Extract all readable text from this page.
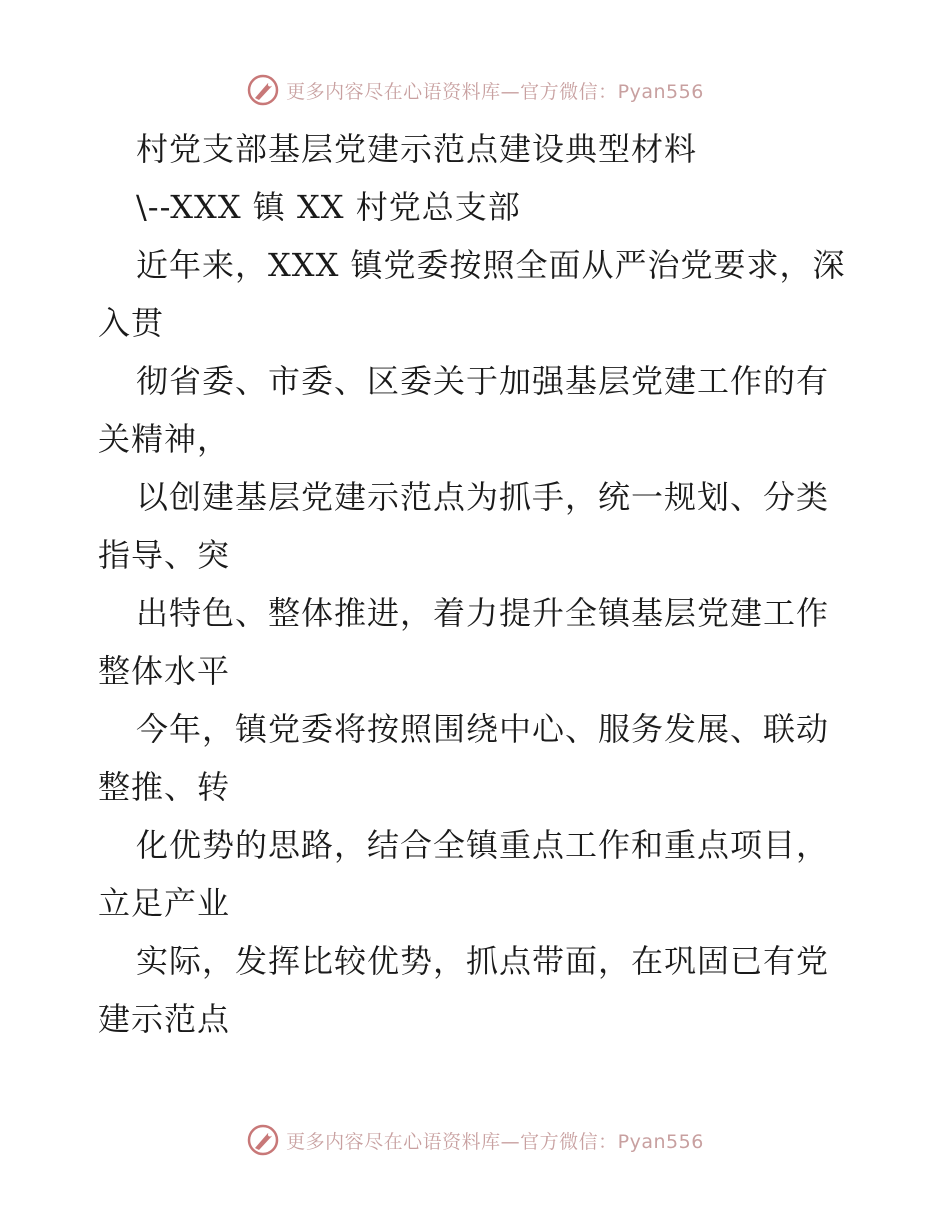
更多内容尽在心语资料库—官方微信：Pyan556
村党支部基层党建示范点建设典型材料
\--XXX 镇 XX 村党总支部
近年来，XXX 镇党委按照全面从严治党要求，深
入贯
彻省委、市委、区委关于加强基层党建工作的有
关精神，
以创建基层党建示范点为抓手，统一规划、分类
指导、突
出特色、整体推进，着力提升全镇基层党建工作
整体水平
今年，镇党委将按照围绕中心、服务发展、联动
整推、转
化优势的思路，结合全镇重点工作和重点项目，
立足产业
实际，发挥比较优势，抓点带面，在巩固已有党
建示范点
更多内容尽在心语资料库—官方微信：Pyan556
